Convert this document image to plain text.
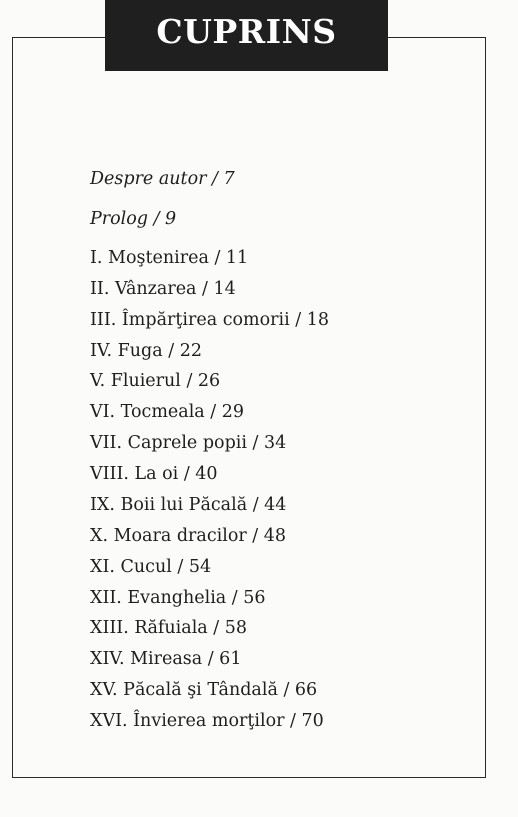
CUPRINS
Despre autor / 7
Prolog / 9
I. Moştenirea / 11
II. Vânzarea / 14
III. Împărţirea comorii / 18
IV. Fuga / 22
V. Fluierul / 26
VI. Tocmeala / 29
VII. Caprele popii / 34
VIII. La oi / 40
IX. Boii lui Păcală / 44
X. Moara dracilor / 48
XI. Cucul / 54
XII. Evanghelia / 56
XIII. Răfuiala / 58
XIV. Mireasa / 61
XV. Păcală şi Tândală / 66
XVI. Învierea morţilor / 70
